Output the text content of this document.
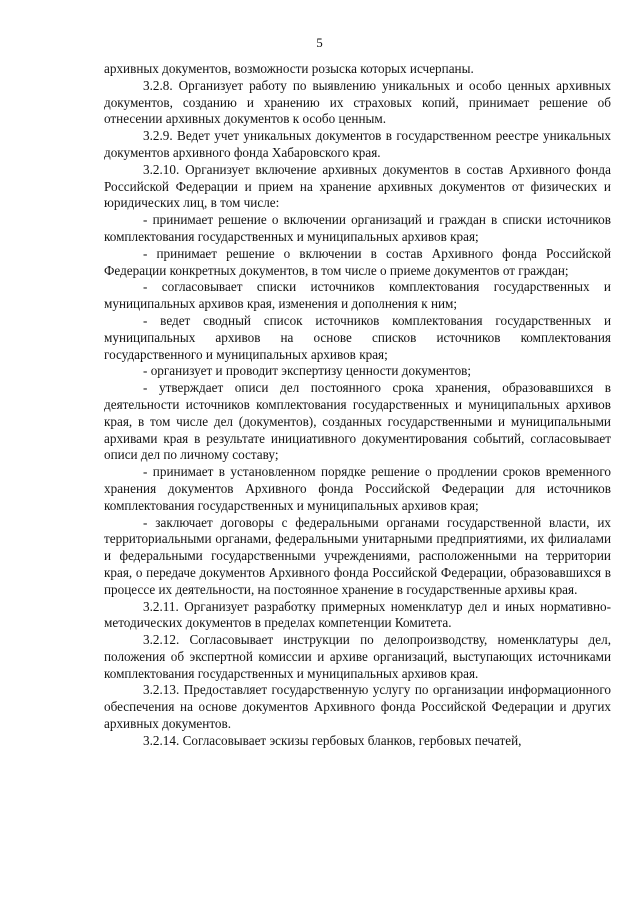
5

архивных документов, возможности розыска которых исчерпаны.

3.2.8. Организует работу по выявлению уникальных и особо ценных архивных документов, созданию и хранению их страховых копий, принимает решение об отнесении архивных документов к особо ценным.

3.2.9. Ведет учет уникальных документов в государственном реестре уникальных документов архивного фонда Хабаровского края.

3.2.10. Организует включение архивных документов в состав Архивного фонда Российской Федерации и прием на хранение архивных документов от физических и юридических лиц, в том числе:

- принимает решение о включении организаций и граждан в списки источников комплектования государственных и муниципальных архивов края;

- принимает решение о включении в состав Архивного фонда Российской Федерации конкретных документов, в том числе о приеме документов от граждан;

- согласовывает списки источников комплектования государственных и муниципальных архивов края, изменения и дополнения к ним;

- ведет сводный список источников комплектования государственных и муниципальных архивов на основе списков источников комплектования государственного и муниципальных архивов края;

- организует и проводит экспертизу ценности документов;

- утверждает описи дел постоянного срока хранения, образовавшихся в деятельности источников комплектования государственных и муниципальных архивов края, в том числе дел (документов), созданных государственными и муниципальными архивами края в результате инициативного документирования событий, согласовывает описи дел по личному составу;

- принимает в установленном порядке решение о продлении сроков временного хранения документов Архивного фонда Российской Федерации для источников комплектования государственных и муниципальных архивов края;

- заключает договоры с федеральными органами государственной власти, их территориальными органами, федеральными унитарными предприятиями, их филиалами и федеральными государственными учреждениями, расположенными на территории края, о передаче документов Архивного фонда Российской Федерации, образовавшихся в процессе их деятельности, на постоянное хранение в государственные архивы края.

3.2.11. Организует разработку примерных номенклатур дел и иных нормативно-методических документов в пределах компетенции Комитета.

3.2.12. Согласовывает инструкции по делопроизводству, номенклатуры дел, положения об экспертной комиссии и архиве организаций, выступающих источниками комплектования государственных и муниципальных архивов края.

3.2.13. Предоставляет государственную услугу по организации информационного обеспечения на основе документов Архивного фонда Российской Федерации и других архивных документов.

3.2.14. Согласовывает эскизы гербовых бланков, гербовых печатей,
